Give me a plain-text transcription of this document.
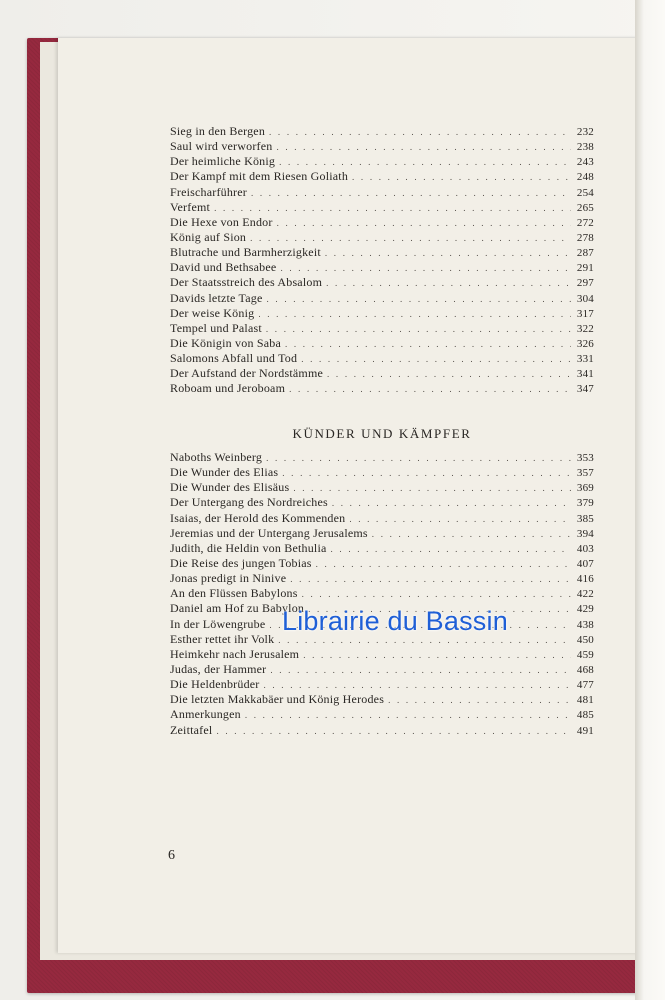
Sieg in den Bergen . . .	232
Saul wird verworfen . . .	238
Der heimliche König . . .	243
Der Kampf mit dem Riesen Goliath . . .	248
Freischarführer . . .	254
Verfemt . . .	265
Die Hexe von Endor . . .	272
König auf Sion . . .	278
Blutrache und Barmherzigkeit . . .	287
David und Bethsabee . . .	291
Der Staatsstreich des Absalom . . .	297
Davids letzte Tage . . .	304
Der weise König . . .	317
Tempel und Palast . . .	322
Die Königin von Saba . . .	326
Salomons Abfall und Tod . . .	331
Der Aufstand der Nordstämme . . .	341
Roboam und Jeroboam . . .	347
KÜNDER UND KÄMPFER
Naboths Weinberg . . .	353
Die Wunder des Elias . . .	357
Die Wunder des Elisäus . . .	369
Der Untergang des Nordreiches . . .	379
Isaias, der Herold des Kommenden . . .	385
Jeremias und der Untergang Jerusalems . . .	394
Judith, die Heldin von Bethulia . . .	403
Die Reise des jungen Tobias . . .	407
Jonas predigt in Ninive . . .	416
An den Flüssen Babylons . . .	422
Daniel am Hof zu Babylon . . .	429
In der Löwengrube . . .	438
Esther rettet ihr Volk . . .	450
Heimkehr nach Jerusalem . . .	459
Judas, der Hammer . . .	468
Die Heldenbrüder . . .	477
Die letzten Makkabäer und König Herodes . . .	481
Anmerkungen . . .	485
Zeittafel . . .	491
6
Librairie du Bassin
